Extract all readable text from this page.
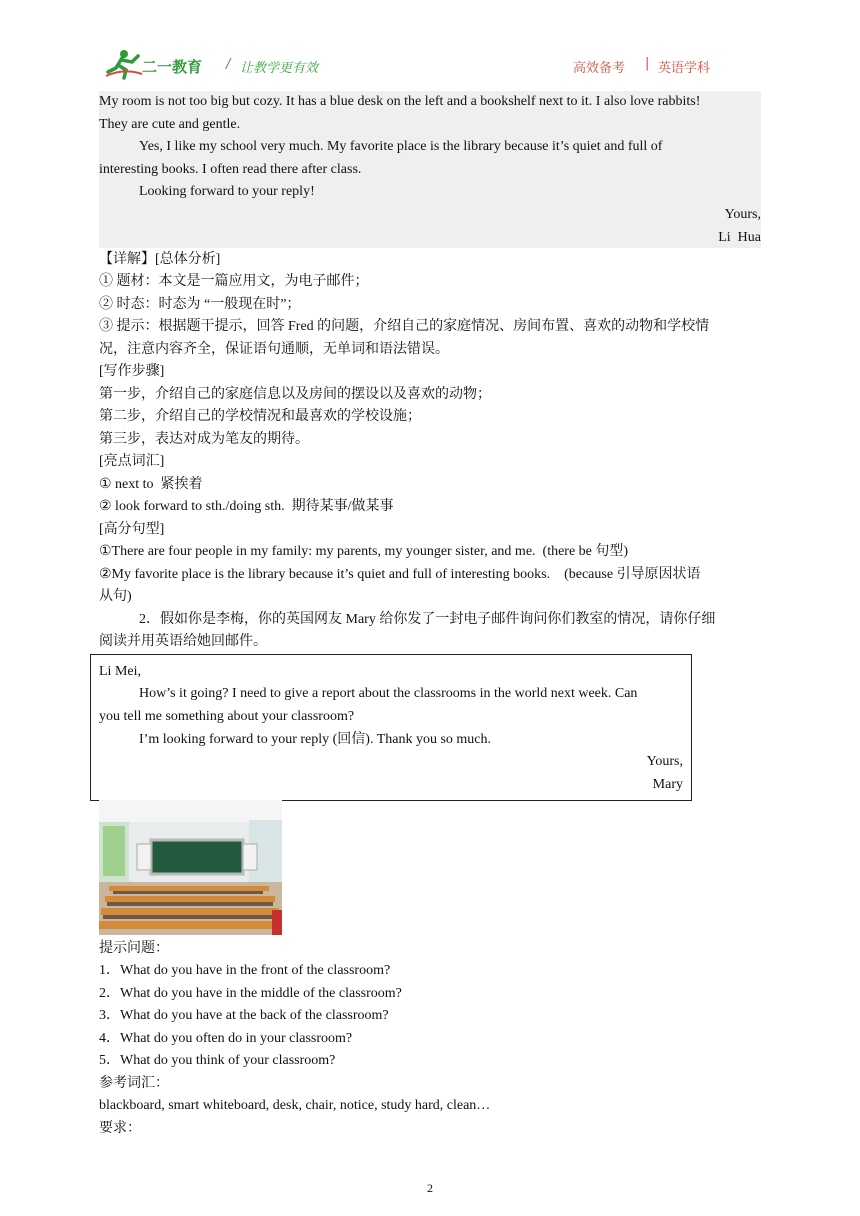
二一教育 / 让教学更有效	高效备考 | 英语学科
My room is not too big but cozy. It has a blue desk on the left and a bookshelf next to it. I also love rabbits!
They are cute and gentle.
Yes, I like my school very much. My favorite place is the library because it’s quiet and full of
interesting books. I often read there after class.
Looking forward to your reply!
Yours,
Li  Hua
【详解】[总体分析]
① 题材：本文是一篇应用文，为电子邮件；
② 时态：时态为 “一般现在时”；
③ 提示：根据题干提示，回答 Fred 的问题，介绍自己的家庭情况、房间布置、喜欢的动物和学校情
况，注意内容齐全，保证语句通顺，无单词和语法错误。
[写作步骤]
第一步，介绍自己的家庭信息以及房间的摆设以及喜欢的动物；
第二步，介绍自己的学校情况和最喜欢的学校设施；
第三步，表达对成为笔友的期待。
[亮点词汇]
① next to  紧挨着
② look forward to sth./doing sth.  期待某事/做某事
[高分句型]
①There are four people in my family: my parents, my younger sister, and me.  (there be 句型)
②My favorite place is the library because it’s quiet and full of interesting books.    (because 引导原因状语
从句)
2．假如你是李梅，你的英国网友 Mary 给你发了一封电子邮件询问你们教室的情况，请你仔细
阅读并用英语给她回邮件。
Li Mei,
How’s it going? I need to give a report about the classrooms in the world next week. Can
you tell me something about your classroom?
I’m looking forward to your reply (回信). Thank you so much.
Yours,
Mary
提示问题：
1．What do you have in the front of the classroom?
2．What do you have in the middle of the classroom?
3．What do you have at the back of the classroom?
4．What do you often do in your classroom?
5．What do you think of your classroom?
参考词汇：
blackboard, smart whiteboard, desk, chair, notice, study hard, clean…
要求：
2
